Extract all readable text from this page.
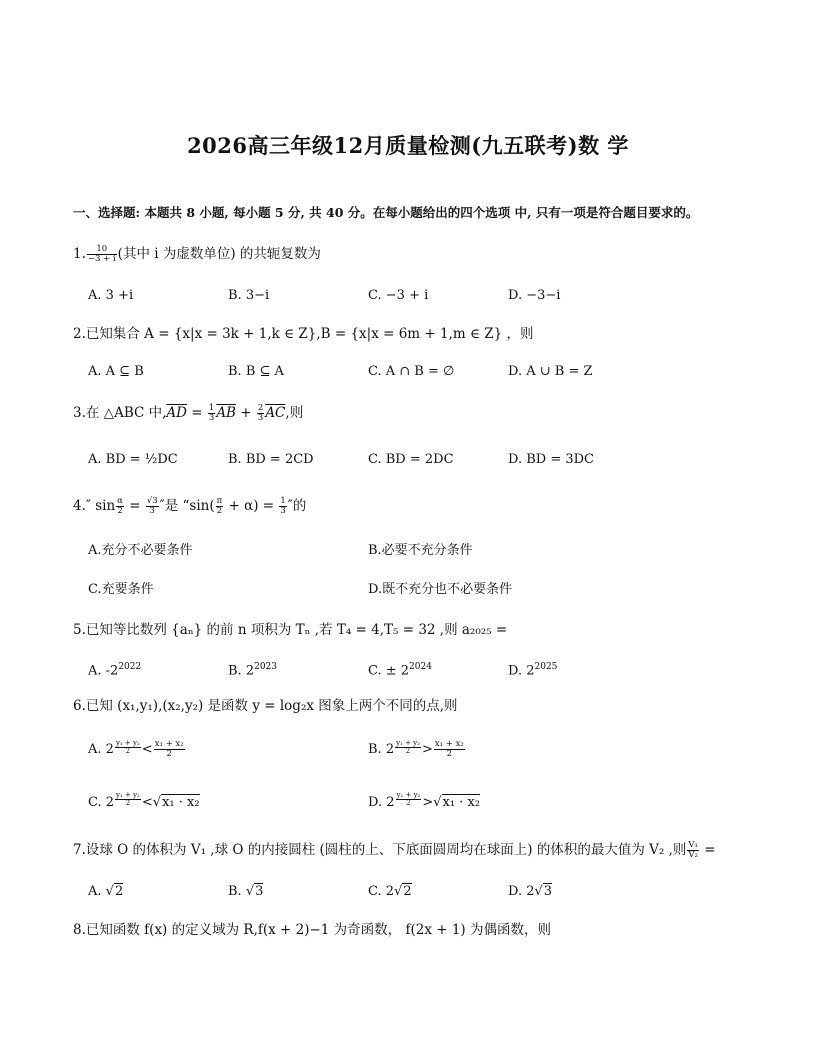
2026高三年级12月质量检测(九五联考)数 学
一、选择题: 本题共 8 小题, 每小题 5 分, 共 40 分。在每小题给出的四个选项 中, 只有一项是符合题目要求的。
1. $\frac{10}{-3 + i}$ (其中 i 为虚数单位) 的共轭复数为
A. 3 +i	B. 3−i	C. −3 + i	D. −3−i
2.已知集合 A = {x|x = 3k + 1,k ∈ Z},B = {x|x = 6m + 1,m ∈ Z} ，则
A. A ⊆ B	B. B ⊆ A	C. A ∩ B = ∅	D. A ∪ B = Z
3.在 △ABC 中$,\overline{AD} = \frac{1}{3} \overline{AB} + \frac{2}{3} \overline{AC}$,则
A. BD = ½DC	B. BD = 2CD	C. BD = 2DC	D. BD = 3DC
4.″ $\sin \frac{\alpha}{2} = \frac{√3}{3}$ ″是 “$\sin( \frac{\pi}{2} + \alpha) = \frac{1}{3}$ ″的
A.充分不必要条件	B.必要不充分条件
C.充要条件	D.既不充分也不必要条件
5.已知等比数列 {aₙ} 的前 n 项积为 Tₙ ,若 T₄ = 4,T₅ = 32 ,则 a₂₀₂₅ =
A. $-2^{2022}$	B. $2^{2023}$	C. ± $2^{2024}$	D. $2^{2025}$
6.已知 (x₁,y₁),(x₂,y₂) 是函数 y = log₂x 图象上两个不同的点,则
A. 2 $^{\frac{\text{y₁ + y₂}}{2}} < \frac{\text{x₁ + x₂}}{2}$	B. 2 $^{\frac{\text{y₁ + y₂}}{2}} > \frac{\text{x₁ + x₂}}{2}$
C. 2 $^{\frac{\text{y₁ + y₂}}{2}}$ <√x₁ · x₂	D. 2 $^{\frac{\text{y₁ + y₂}}{2}}$ >√x₁ · x₂
7.设球 O 的体积为 V₁ ,球 O 的内接圆柱 (圆柱的上、下底面圆周均在球面上) 的体积的最大值为 V₂ ,则 $\frac{\text{V₁}}{\text{V₂}}$ =
A. √2	B. √3	C. 2√2	D. 2√3
8.已知函数 f(x) 的定义域为 R,f(x + 2)−1 为奇函数， f(2x + 1) 为偶函数，则
